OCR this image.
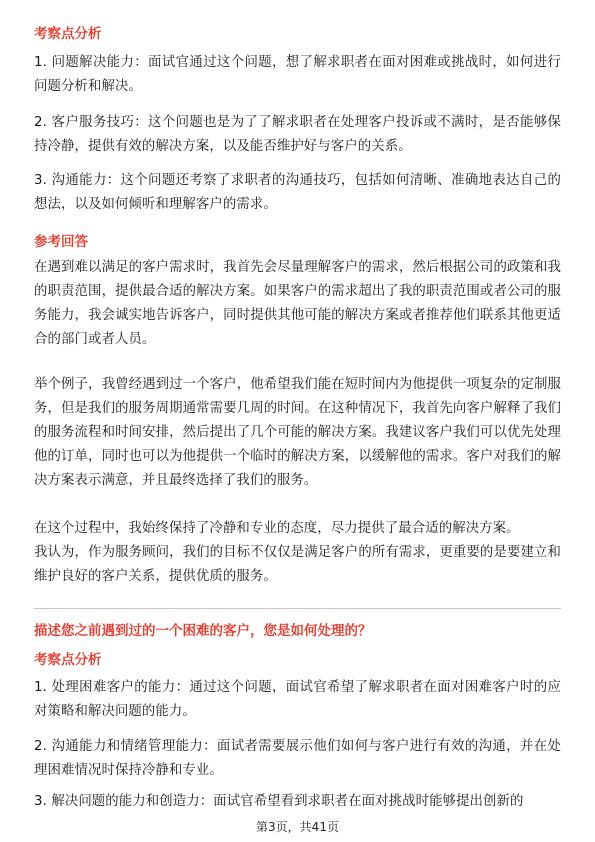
考察点分析
1. 问题解决能力：面试官通过这个问题，想了解求职者在面对困难或挑战时，如何进行问题分析和解决。
2. 客户服务技巧：这个问题也是为了了解求职者在处理客户投诉或不满时，是否能够保持冷静，提供有效的解决方案，以及能否维护好与客户的关系。
3. 沟通能力：这个问题还考察了求职者的沟通技巧，包括如何清晰、准确地表达自己的想法，以及如何倾听和理解客户的需求。
参考回答
在遇到难以满足的客户需求时，我首先会尽量理解客户的需求，然后根据公司的政策和我的职责范围，提供最合适的解决方案。如果客户的需求超出了我的职责范围或者公司的服务能力，我会诚实地告诉客户，同时提供其他可能的解决方案或者推荐他们联系其他更适合的部门或者人员。
举个例子，我曾经遇到过一个客户，他希望我们能在短时间内为他提供一项复杂的定制服务，但是我们的服务周期通常需要几周的时间。在这种情况下，我首先向客户解释了我们的服务流程和时间安排，然后提出了几个可能的解决方案。我建议客户我们可以优先处理他的订单，同时也可以为他提供一个临时的解决方案，以缓解他的需求。客户对我们的解决方案表示满意，并且最终选择了我们的服务。
在这个过程中，我始终保持了冷静和专业的态度，尽力提供了最合适的解决方案。
我认为，作为服务顾问，我们的目标不仅仅是满足客户的所有需求，更重要的是要建立和维护良好的客户关系，提供优质的服务。
描述您之前遇到过的一个困难的客户，您是如何处理的？
考察点分析
1. 处理困难客户的能力：通过这个问题，面试官希望了解求职者在面对困难客户时的应对策略和解决问题的能力。
2. 沟通能力和情绪管理能力：面试者需要展示他们如何与客户进行有效的沟通，并在处理困难情况时保持冷静和专业。
3. 解决问题的能力和创造力：面试官希望看到求职者在面对挑战时能够提出创新的
第3页，共41页
